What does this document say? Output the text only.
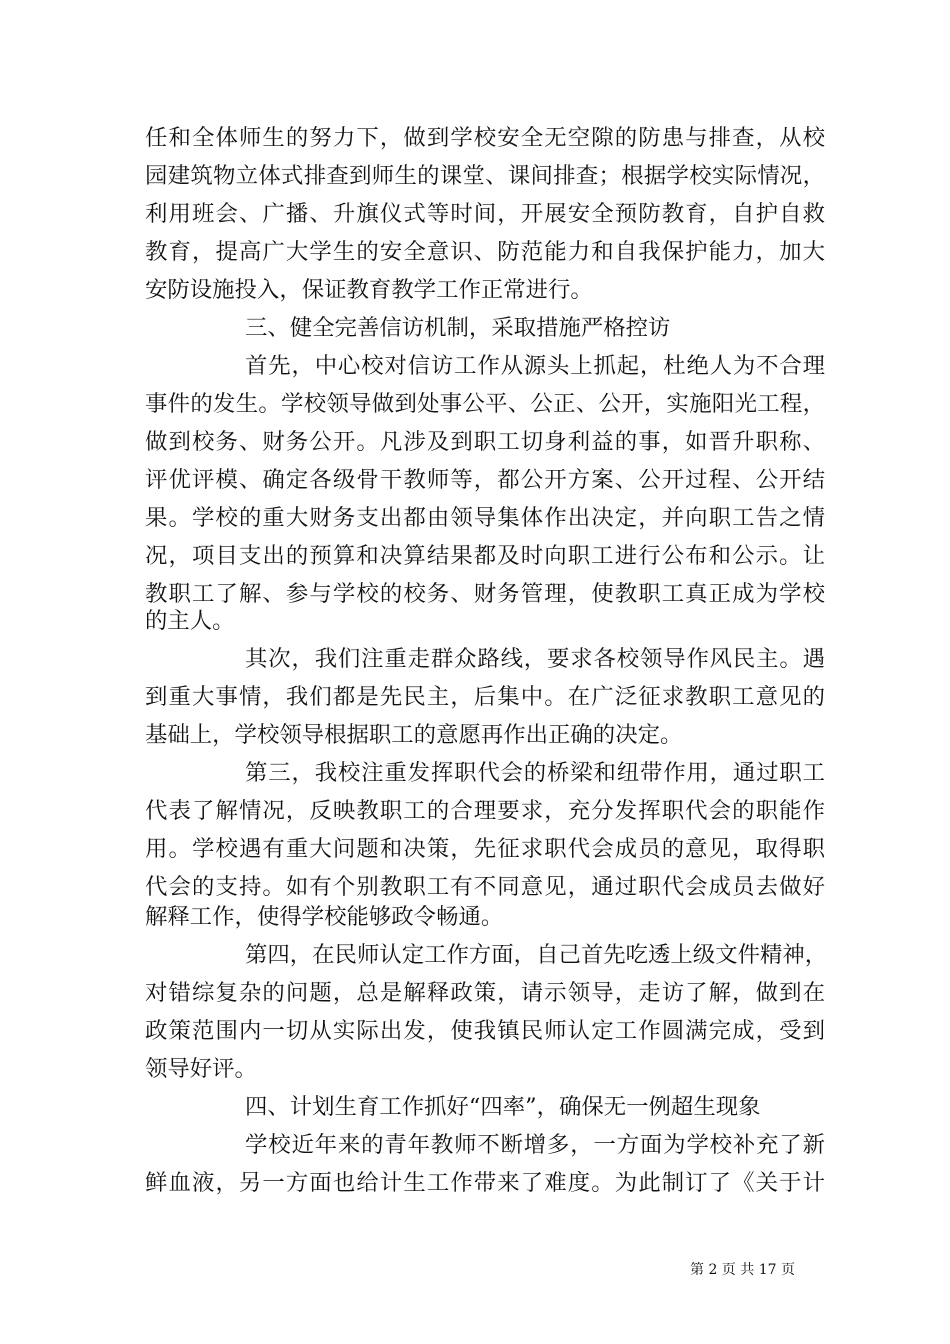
任和全体师生的努力下，做到学校安全无空隙的防患与排查，从校
园建筑物立体式排查到师生的课堂、课间排查；根据学校实际情况，
利用班会、广播、升旗仪式等时间，开展安全预防教育，自护自救
教育，提高广大学生的安全意识、防范能力和自我保护能力，加大
安防设施投入，保证教育教学工作正常进行。
三、健全完善信访机制，采取措施严格控访
首先，中心校对信访工作从源头上抓起，杜绝人为不合理
事件的发生。学校领导做到处事公平、公正、公开，实施阳光工程，
做到校务、财务公开。凡涉及到职工切身利益的事，如晋升职称、
评优评模、确定各级骨干教师等，都公开方案、公开过程、公开结
果。学校的重大财务支出都由领导集体作出决定，并向职工告之情
况，项目支出的预算和决算结果都及时向职工进行公布和公示。让
教职工了解、参与学校的校务、财务管理，使教职工真正成为学校
的主人。
其次，我们注重走群众路线，要求各校领导作风民主。遇
到重大事情，我们都是先民主，后集中。在广泛征求教职工意见的
基础上，学校领导根据职工的意愿再作出正确的决定。
第三，我校注重发挥职代会的桥梁和纽带作用，通过职工
代表了解情况，反映教职工的合理要求，充分发挥职代会的职能作
用。学校遇有重大问题和决策，先征求职代会成员的意见，取得职
代会的支持。如有个别教职工有不同意见，通过职代会成员去做好
解释工作，使得学校能够政令畅通。
第四，在民师认定工作方面，自己首先吃透上级文件精神，
对错综复杂的问题，总是解释政策，请示领导，走访了解，做到在
政策范围内一切从实际出发，使我镇民师认定工作圆满完成，受到
领导好评。
四、计划生育工作抓好“四率”，确保无一例超生现象
学校近年来的青年教师不断增多，一方面为学校补充了新
鲜血液，另一方面也给计生工作带来了难度。为此制订了《关于计
第 2 页 共 17 页
